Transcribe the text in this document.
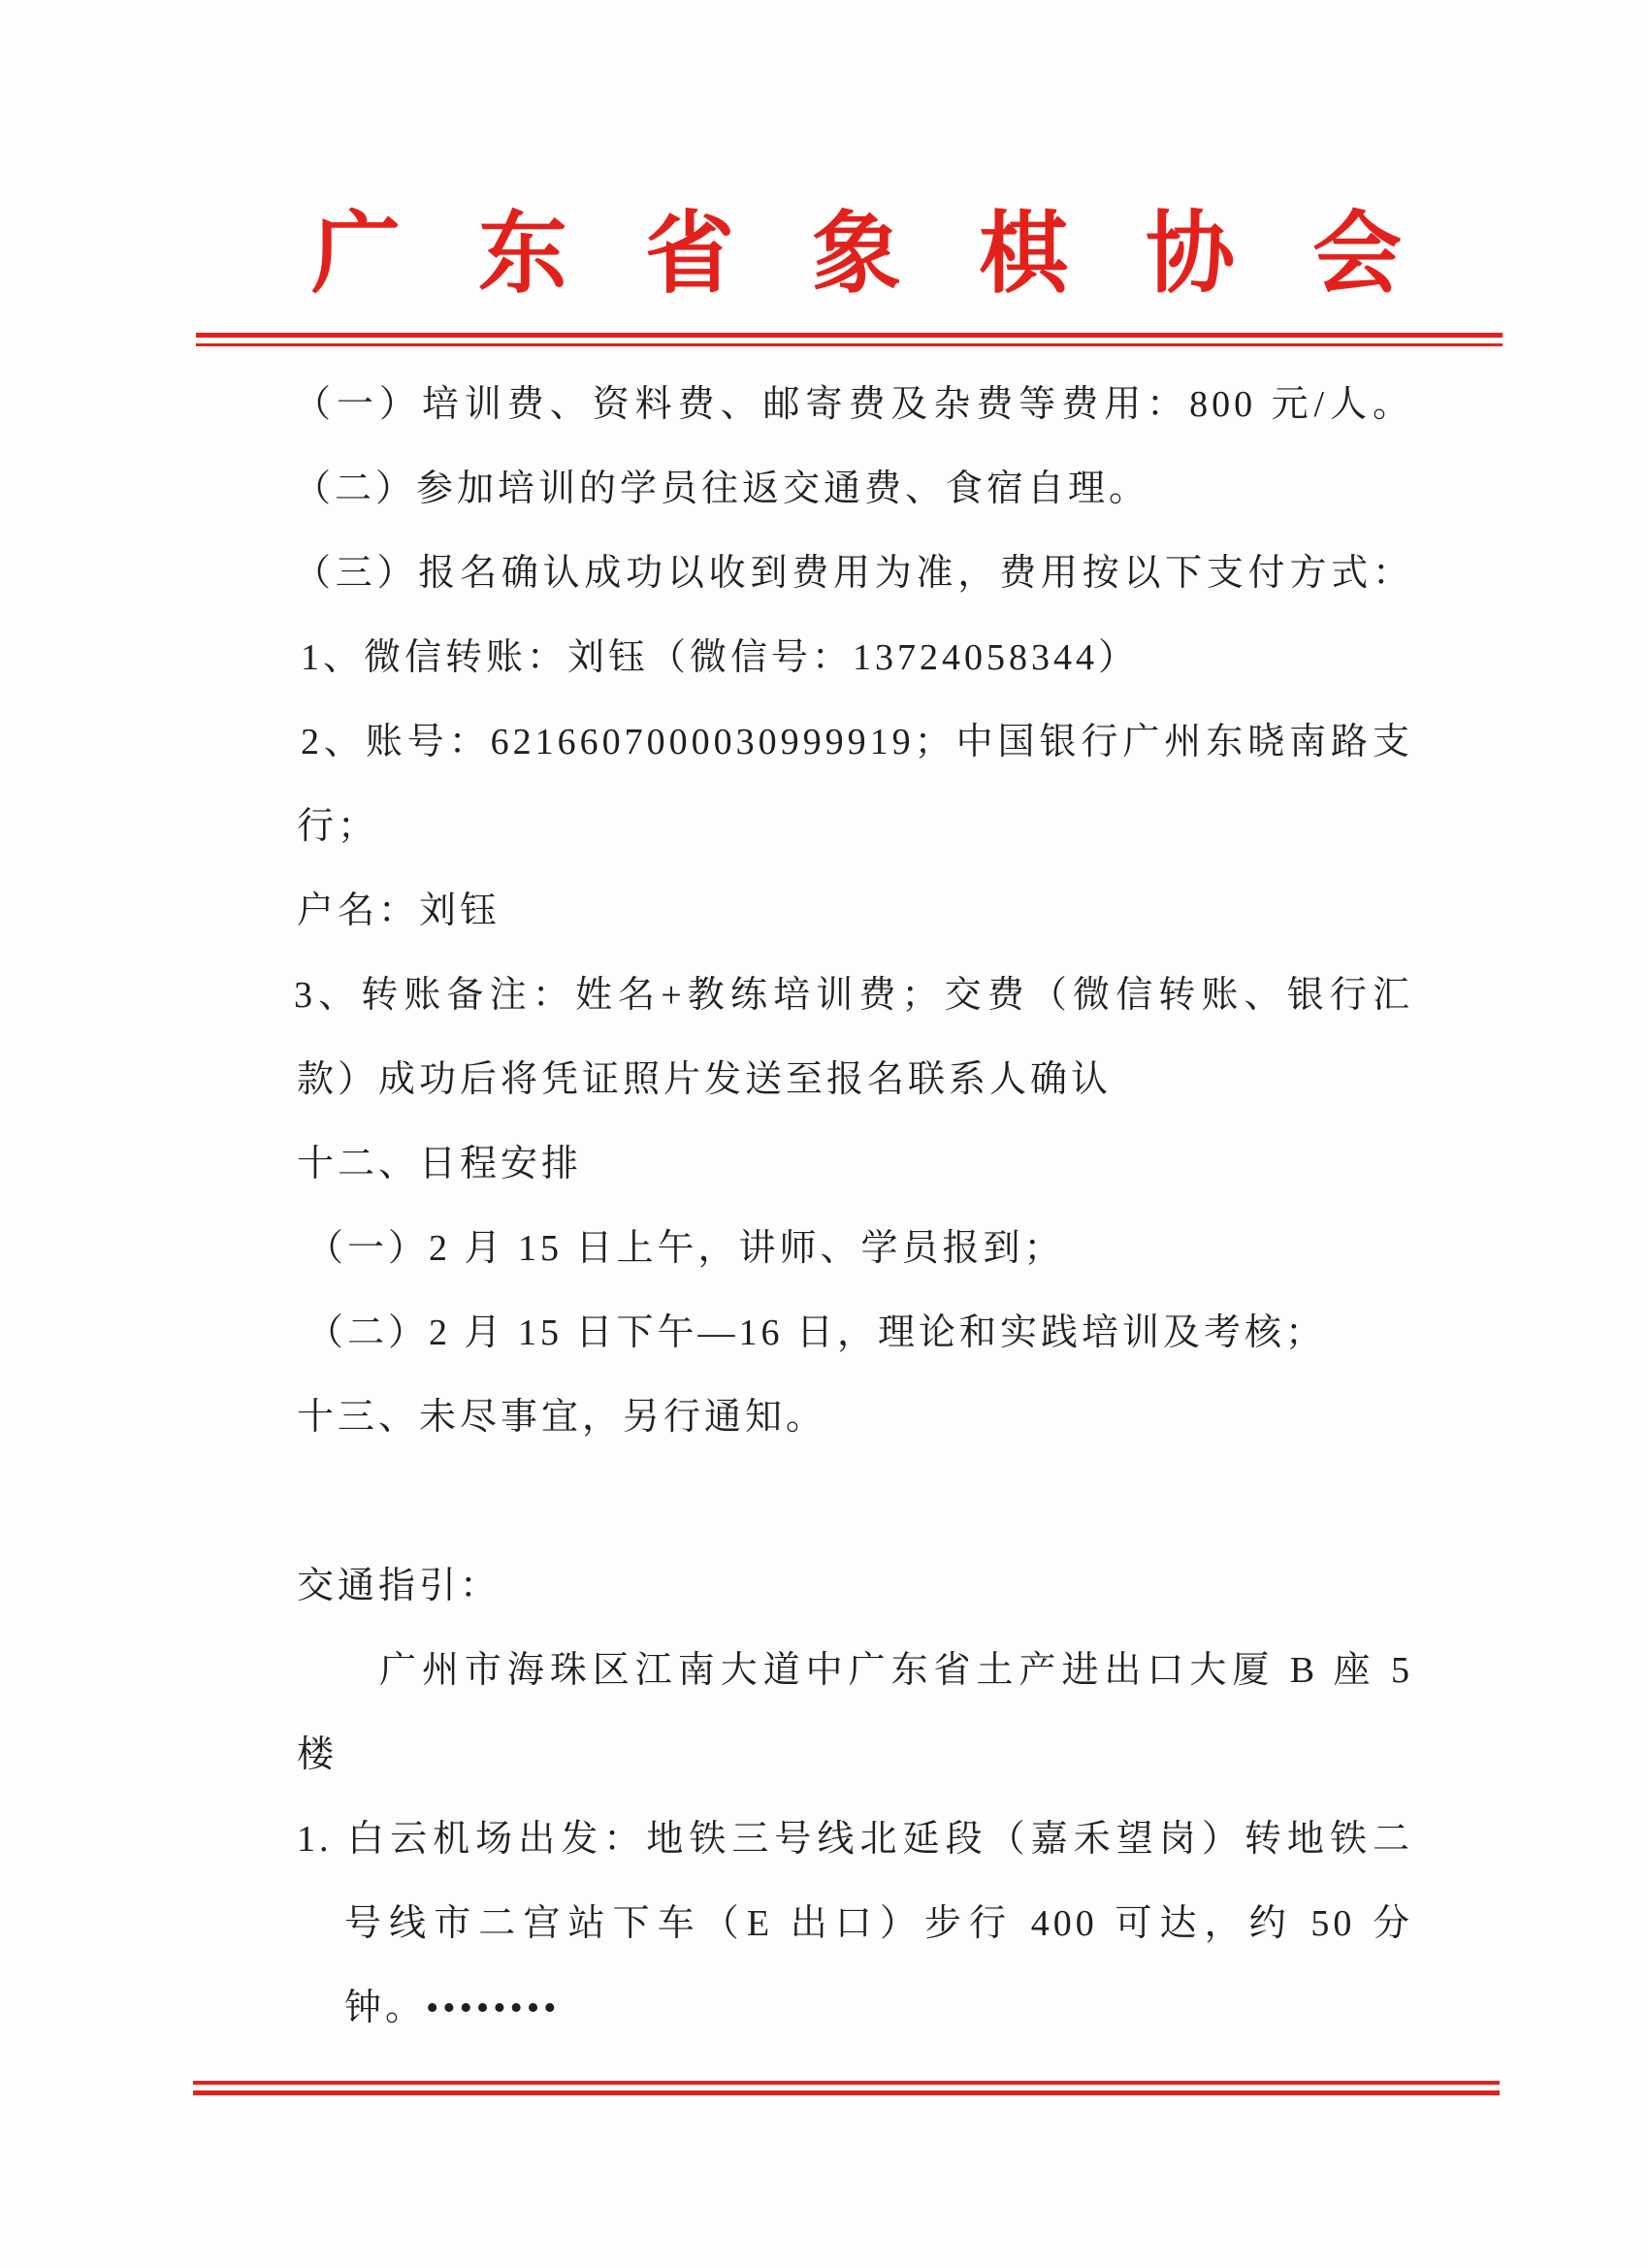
广东省象棋协会
（一）培训费、资料费、邮寄费及杂费等费用：800 元/人。
（二）参加培训的学员往返交通费、食宿自理。
（三）报名确认成功以收到费用为准，费用按以下支付方式：
1、微信转账：刘钰（微信号：13724058344）
2、账号：6216607000030999919；中国银行广州东晓南路支
行；
户名：刘钰
3、转账备注：姓名+教练培训费；交费（微信转账、银行汇
款）成功后将凭证照片发送至报名联系人确认
十二、日程安排
（一）2 月 15 日上午，讲师、学员报到；
（二）2 月 15 日下午—16 日，理论和实践培训及考核；
十三、未尽事宜，另行通知。
交通指引：
广州市海珠区江南大道中广东省土产进出口大厦 B 座 5
楼
1. 白云机场出发：地铁三号线北延段（嘉禾望岗）转地铁二
号线市二宫站下车（E 出口）步行 400 可达，约 50 分
钟。••••••••
